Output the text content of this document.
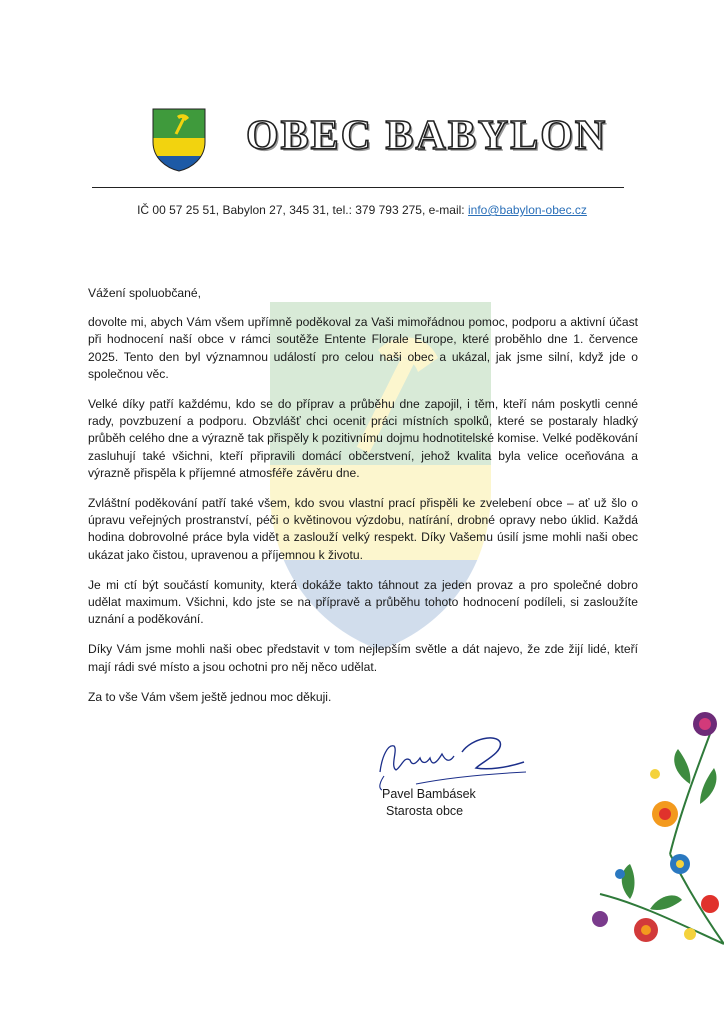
OBEC BABYLON
IČ 00 57 25 51, Babylon 27, 345 31, tel.: 379 793 275, e-mail: info@babylon-obec.cz

Vážení spoluobčané,

dovolte mi, abych Vám všem upřímně poděkoval za Vaši mimořádnou pomoc, podporu a aktivní účast při hodnocení naší obce v rámci soutěže Entente Florale Europe, které proběhlo dne 1. července 2025. Tento den byl významnou událostí pro celou naši obec a ukázal, jak jsme silní, když jde o společnou věc.

Velké díky patří každému, kdo se do příprav a průběhu dne zapojil, i těm, kteří nám poskytli cenné rady, povzbuzení a podporu. Obzvlášť chci ocenit práci místních spolků, které se postaraly hladký průběh celého dne a výrazně tak přispěly k pozitivnímu dojmu hodnotitelské komise. Velké poděkování zasluhují také všichni, kteří připravili domácí občerstvení, jehož kvalita byla velice oceňována a výrazně přispěla k příjemné atmosféře závěru dne.

Zvláštní poděkování patří také všem, kdo svou vlastní prací přispěli ke zvelebení obce – ať už šlo o úpravu veřejných prostranství, péči o květinovou výzdobu, natírání, drobné opravy nebo úklid. Každá hodina dobrovolné práce byla vidět a zaslouží velký respekt. Díky Vašemu úsilí jsme mohli naši obec ukázat jako čistou, upravenou a příjemnou k životu.

Je mi ctí být součástí komunity, která dokáže takto táhnout za jeden provaz a pro společné dobro udělat maximum. Všichni, kdo jste se na přípravě a průběhu tohoto hodnocení podíleli, si zasloužíte uznání a poděkování.

Díky Vám jsme mohli naši obec představit v tom nejlepším světle a dát najevo, že zde žijí lidé, kteří mají rádi své místo a jsou ochotni pro něj něco udělat.

Za to vše Vám všem ještě jednou moc děkuji.

Pavel Bambásek
Starosta obce
